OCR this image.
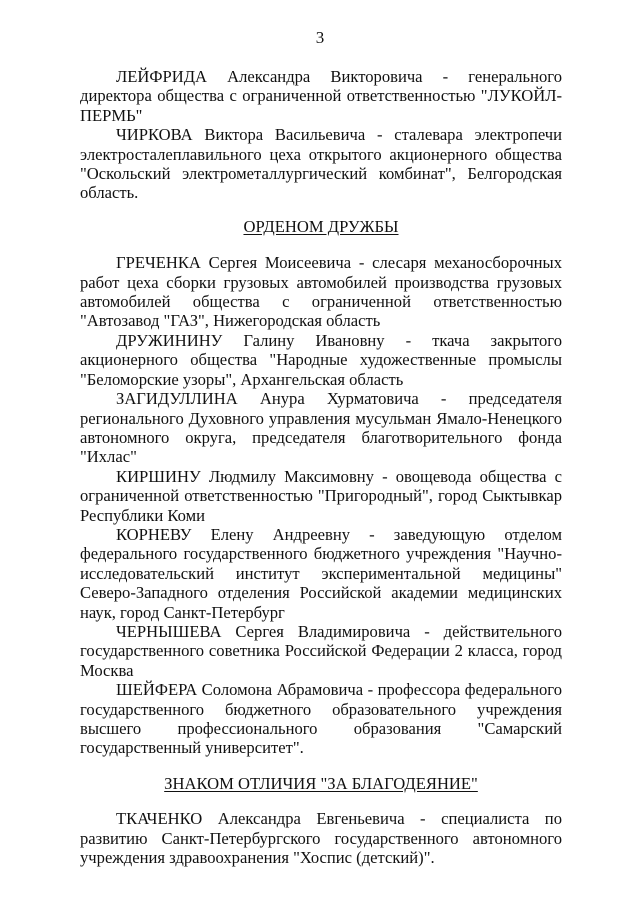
3

ЛЕЙФРИДА Александра Викторовича - генерального директора общества с ограниченной ответственностью "ЛУКОЙЛ-ПЕРМЬ"

ЧИРКОВА Виктора Васильевича - сталевара электропечи электросталеплавильного цеха открытого акционерного общества "Оскольский электрометаллургический комбинат", Белгородская область.

ОРДЕНОМ ДРУЖБЫ

ГРЕЧЕНКА Сергея Моисеевича - слесаря механосборочных работ цеха сборки грузовых автомобилей производства грузовых автомобилей общества с ограниченной ответственностью "Автозавод "ГАЗ", Нижегородская область

ДРУЖИНИНУ Галину Ивановну - ткача закрытого акционерного общества "Народные художественные промыслы "Беломорские узоры", Архангельская область

ЗАГИДУЛЛИНА Анура Хурматовича - председателя регионального Духовного управления мусульман Ямало-Ненецкого автономного округа, председателя благотворительного фонда "Ихлас"

КИРШИНУ Людмилу Максимовну - овощевода общества с ограниченной ответственностью "Пригородный", город Сыктывкар Республики Коми

КОРНЕВУ Елену Андреевну - заведующую отделом федерального государственного бюджетного учреждения "Научно-исследовательский институт экспериментальной медицины" Северо-Западного отделения Российской академии медицинских наук, город Санкт-Петербург

ЧЕРНЫШЕВА Сергея Владимировича - действительного государственного советника Российской Федерации 2 класса, город Москва

ШЕЙФЕРА Соломона Абрамовича - профессора федерального государственного бюджетного образовательного учреждения высшего профессионального образования "Самарский государственный университет".

ЗНАКОМ ОТЛИЧИЯ "ЗА БЛАГОДЕЯНИЕ"

ТКАЧЕНКО Александра Евгеньевича - специалиста по развитию Санкт-Петербургского государственного автономного учреждения здравоохранения "Хоспис (детский)".
